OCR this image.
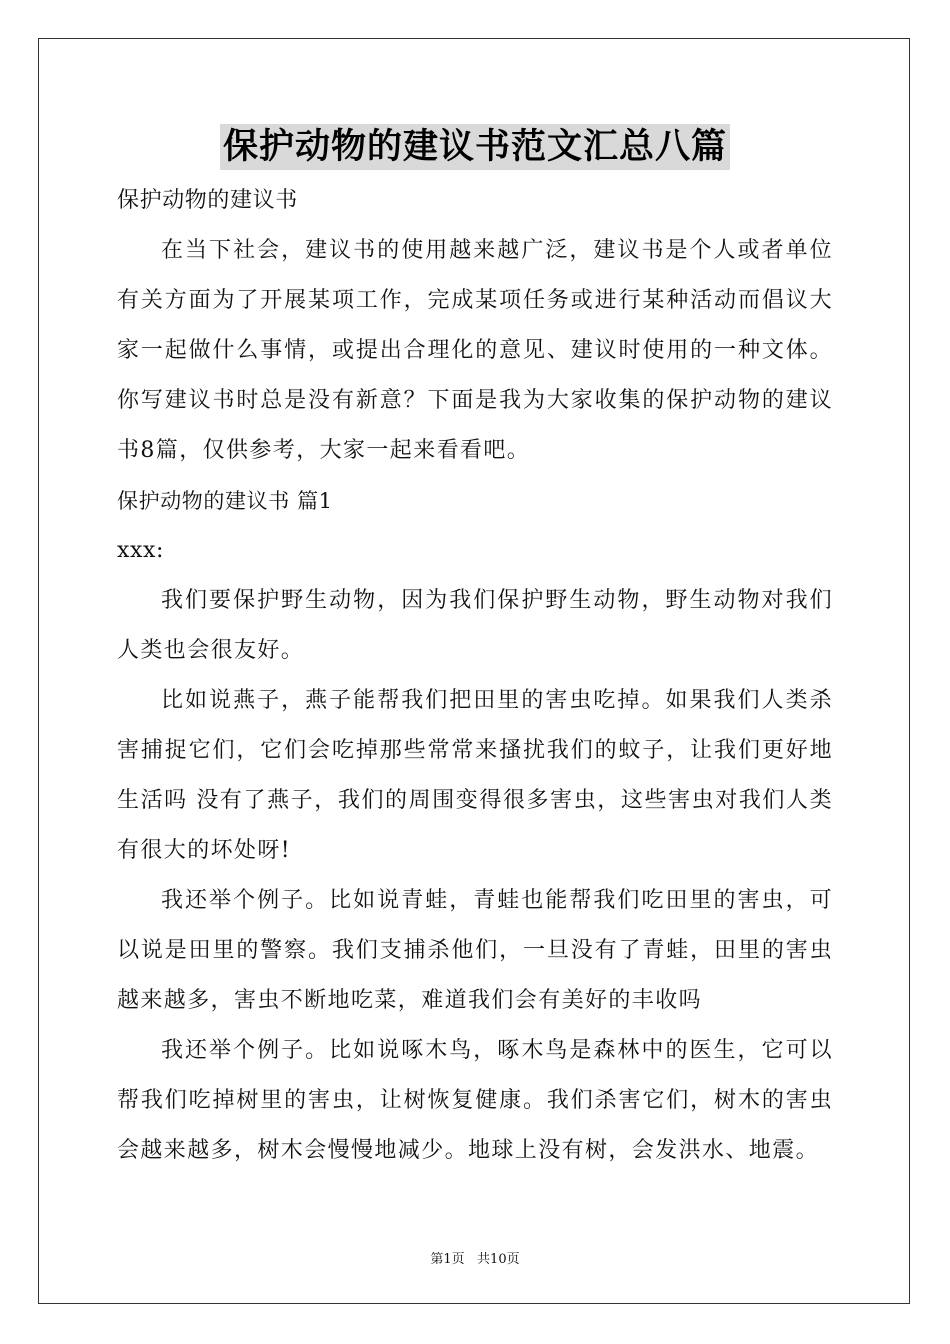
保护动物的建议书范文汇总八篇
保护动物的建议书

在当下社会，建议书的使用越来越广泛，建议书是个人或者单位有关方面为了开展某项工作，完成某项任务或进行某种活动而倡议大家一起做什么事情，或提出合理化的意见、建议时使用的一种文体。你写建议书时总是没有新意？下面是我为大家收集的保护动物的建议书8篇，仅供参考，大家一起来看看吧。

保护动物的建议书 篇1
xxx:

我们要保护野生动物，因为我们保护野生动物，野生动物对我们人类也会很友好。

比如说燕子，燕子能帮我们把田里的害虫吃掉。如果我们人类杀害捕捉它们，它们会吃掉那些常常来搔扰我们的蚊子，让我们更好地生活吗 没有了燕子，我们的周围变得很多害虫，这些害虫对我们人类有很大的坏处呀!

我还举个例子。比如说青蛙，青蛙也能帮我们吃田里的害虫，可以说是田里的警察。我们支捕杀他们，一旦没有了青蛙，田里的害虫越来越多，害虫不断地吃菜，难道我们会有美好的丰收吗

我还举个例子。比如说啄木鸟，啄木鸟是森林中的医生，它可以帮我们吃掉树里的害虫，让树恢复健康。我们杀害它们，树木的害虫会越来越多，树木会慢慢地减少。地球上没有树，会发洪水、地震。

第1页   共10页
